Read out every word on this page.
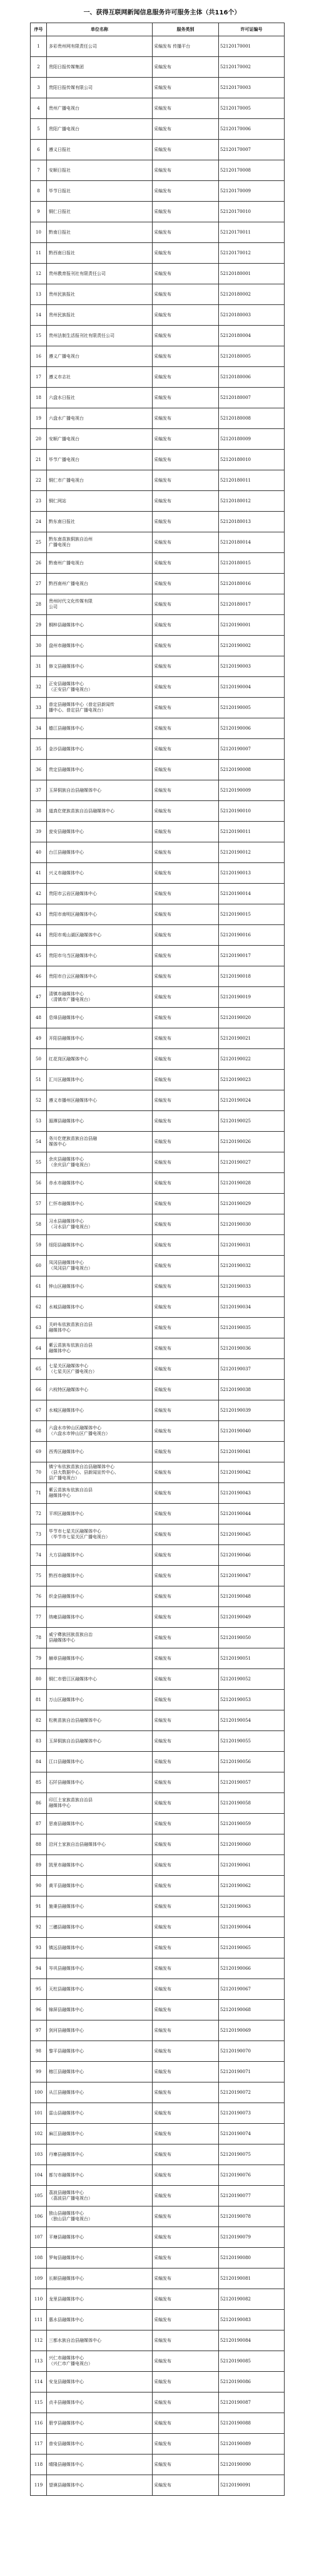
一、获得互联网新闻信息服务许可服务主体（共116个）
序号	单位名称	服务类别	许可证编号
1	多彩贵州网有限责任公司	采编发布 传播平台	52120170001
2	贵阳日报传媒集团	采编发布	52120170002
3	贵阳日报传媒有限公司	采编发布	52120170003
4	贵州广播电视台	采编发布	52120170005
5	贵阳广播电视台	采编发布	52120170006
6	遵义日报社	采编发布	52120170007
7	安顺日报社	采编发布	52120170008
8	毕节日报社	采编发布	52120170009
9	铜仁日报社	采编发布	52120170010
10	黔南日报社	采编发布	52120170011
11	黔西南日报社	采编发布	52120170012
12	贵州教育报刊社有限责任公司	采编发布	52120180001
13	贵州民族报社	采编发布	52120180002
14	贵州民族报社	采编发布	52120180003
15	贵州法制生活报刊社有限责任公司	采编发布	52120180004
16	遵义广播电视台	采编发布	52120180005
17	遵义市志社	采编发布	52120180006
18	六盘水日报社	采编发布	52120180007
19	六盘水广播电视台	采编发布	52120180008
20	安顺广播电视台	采编发布	52120180009
21	毕节广播电视台	采编发布	52120180010
22	铜仁市广播电视台	采编发布	52120180011
23	铜仁网站	采编发布	52120180012
24	黔东南日报社	采编发布	52120180013
25	黔东南苗族侗族自治州
广播电视台	采编发布	52120180014
26	黔南州广播电视台	采编发布	52120180015
27	黔西南州广播电视台	采编发布	52120180016
28	贵州时代文化传媒有限
公司	采编发布	52120180017
29	桐梓县融媒体中心	采编发布	52120190001
30	盘州市融媒体中心	采编发布	52120190002
31	修文县融媒体中心	采编发布	52120190003
32	正安县融媒体中心
（正安县广播电视台）	采编发布	52120190004
33	普定县融媒体中心（普定县新闻传
播中心、普定县广播电视台）	采编发布	52120190005
34	德江县融媒体中心	采编发布	52120190006
35	金沙县融媒体中心	采编发布	52120190007
36	贵定县融媒体中心	采编发布	52120190008
37	玉屏侗族自治县融媒体中心	采编发布	52120190009
38	道真仡佬族苗族自治县融媒体中心	采编发布	52120190010
39	瓮安县融媒体中心	采编发布	52120190011
40	台江县融媒体中心	采编发布	52120190012
41	兴义市融媒体中心	采编发布	52120190013
42	贵阳市云岩区融媒体中心	采编发布	52120190014
43	贵阳市南明区融媒体中心	采编发布	52120190015
44	贵阳市观山湖区融媒体中心	采编发布	52120190016
45	贵阳市乌当区融媒体中心	采编发布	52120190017
46	贵阳市白云区融媒体中心	采编发布	52120190018
47	清镇市融媒体中心
（清镇市广播电视台）	采编发布	52120190019
48	息烽县融媒体中心	采编发布	52120190020
49	开阳县融媒体中心	采编发布	52120190021
50	红花岗区融媒体中心	采编发布	52120190022
51	汇川区融媒体中心	采编发布	52120190023
52	遵义市播州区融媒体中心	采编发布	52120190024
53	湄潭县融媒体中心	采编发布	52120190025
54	务川仡佬族苗族自治县融
媒体中心	采编发布	52120190026
55	余庆县融媒体中心
（余庆县广播电视台）	采编发布	52120190027
56	赤水市融媒体中心	采编发布	52120190028
57	仁怀市融媒体中心	采编发布	52120190029
58	习水县融媒体中心
（习水县广播电视台）	采编发布	52120190030
59	绥阳县融媒体中心	采编发布	52120190031
60	凤冈县融媒体中心
（凤冈县广播电视台）	采编发布	52120190032
61	钟山区融媒体中心	采编发布	52120190033
62	水城县融媒体中心	采编发布	52120190034
63	关岭布依族苗族自治县
融媒体中心	采编发布	52120190035
64	紫云苗族布依族自治县
融媒体中心	采编发布	52120190036
65	七星关区融媒体中心
（七星关区广播电视台）	采编发布	52120190037
66	六枝特区融媒体中心	采编发布	52120190038
67	水城区融媒体中心	采编发布	52120190039
68	六盘水市钟山区融媒体中心
（六盘水市钟山区广播电视台）	采编发布	52120190040
69	西秀区融媒体中心	采编发布	52120190041
70	镇宁布依族苗族自治县融媒体中心
（县大数据中心、县新闻宣传中心、
县广播电视台）	采编发布	52120190042
71	紫云苗族布依族自治县
融媒体中心	采编发布	52120190043
72	平坝区融媒体中心	采编发布	52120190044
73	毕节市七星关区融媒体中心
（毕节市七星关区广播电视台）	采编发布	52120190045
74	大方县融媒体中心	采编发布	52120190046
75	黔西市融媒体中心	采编发布	52120190047
76	织金县融媒体中心	采编发布	52120190048
77	纳雍县融媒体中心	采编发布	52120190049
78	威宁彝族回族苗族自治
县融媒体中心	采编发布	52120190050
79	赫章县融媒体中心	采编发布	52120190051
80	铜仁市碧江区融媒体中心	采编发布	52120190052
81	万山区融媒体中心	采编发布	52120190053
82	松桃苗族自治县融媒体中心	采编发布	52120190054
83	玉屏侗族自治县融媒体中心	采编发布	52120190055
84	江口县融媒体中心	采编发布	52120190056
85	石阡县融媒体中心	采编发布	52120190057
86	印江土家族苗族自治县
融媒体中心	采编发布	52120190058
87	思南县融媒体中心	采编发布	52120190059
88	沿河土家族自治县融媒体中心	采编发布	52120190060
89	凯里市融媒体中心	采编发布	52120190061
90	黄平县融媒体中心	采编发布	52120190062
91	施秉县融媒体中心	采编发布	52120190063
92	三穗县融媒体中心	采编发布	52120190064
93	镇远县融媒体中心	采编发布	52120190065
94	岑巩县融媒体中心	采编发布	52120190066
95	天柱县融媒体中心	采编发布	52120190067
96	锦屏县融媒体中心	采编发布	52120190068
97	剑河县融媒体中心	采编发布	52120190069
98	黎平县融媒体中心	采编发布	52120190070
99	榕江县融媒体中心	采编发布	52120190071
100	从江县融媒体中心	采编发布	52120190072
101	雷山县融媒体中心	采编发布	52120190073
102	麻江县融媒体中心	采编发布	52120190074
103	丹寨县融媒体中心	采编发布	52120190075
104	都匀市融媒体中心	采编发布	52120190076
105	荔波县融媒体中心
（荔波县广播电视台）	采编发布	52120190077
106	独山县融媒体中心
（独山县广播电视台）	采编发布	52120190078
107	平塘县融媒体中心	采编发布	52120190079
108	罗甸县融媒体中心	采编发布	52120190080
109	长顺县融媒体中心	采编发布	52120190081
110	龙里县融媒体中心	采编发布	52120190082
111	惠水县融媒体中心	采编发布	52120190083
112	三都水族自治县融媒体中心	采编发布	52120190084
113	兴仁市融媒体中心
（兴仁市广播电视台）	采编发布	52120190085
114	安龙县融媒体中心	采编发布	52120190086
115	贞丰县融媒体中心	采编发布	52120190087
116	册亨县融媒体中心	采编发布	52120190088
117	普安县融媒体中心	采编发布	52120190089
118	晴隆县融媒体中心	采编发布	52120190090
119	望谟县融媒体中心	采编发布	52120190091
